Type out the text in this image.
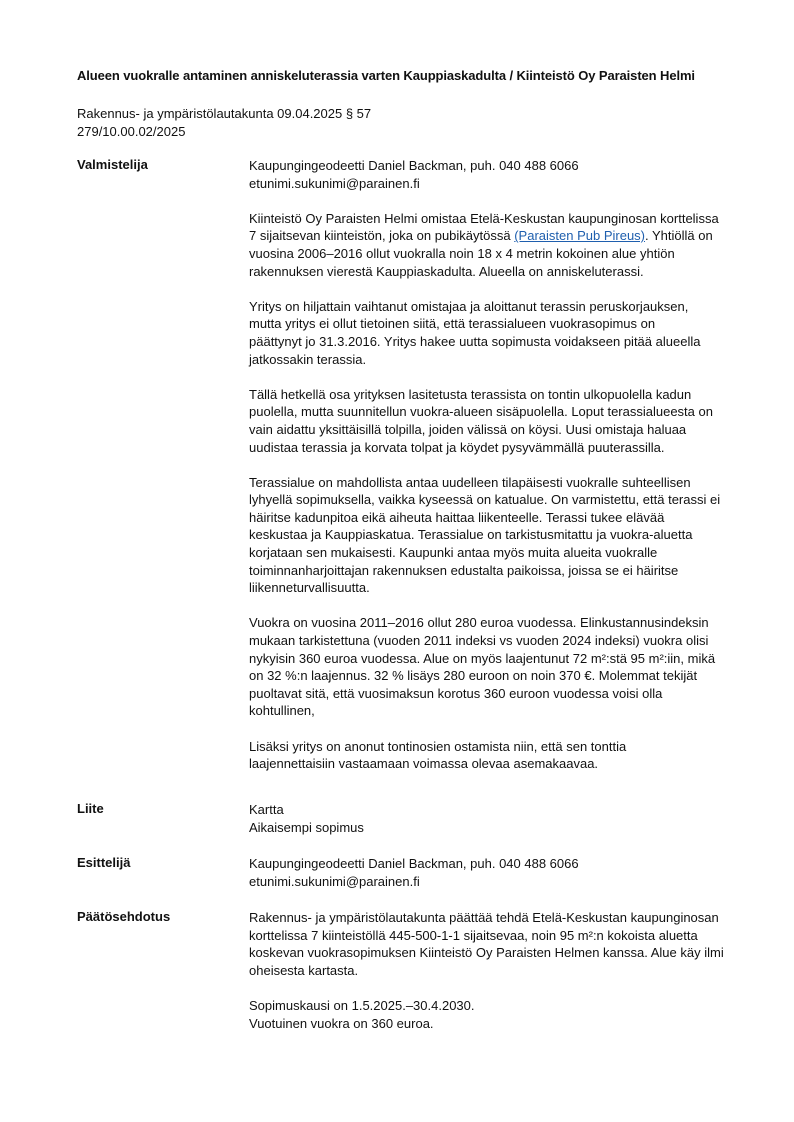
Alueen vuokralle antaminen anniskeluterassia varten Kauppiaskadulta / Kiinteistö Oy Paraisten Helmi
Rakennus- ja ympäristölautakunta 09.04.2025 § 57
279/10.00.02/2025
Valmistelija	Kaupungingeodeetti Daniel Backman, puh. 040 488 6066
etunimi.sukunimi@parainen.fi

Kiinteistö Oy Paraisten Helmi omistaa Etelä-Keskustan kaupunginosan korttelissa
7 sijaitsevan kiinteistön, joka on pubikäytössä (Paraisten Pub Pireus). Yhtiöllä on
vuosina 2006–2016 ollut vuokralla noin 18 x 4 metrin kokoinen alue yhtiön
rakennuksen vierestä Kauppiaskadulta. Alueella on anniskeluterassi.

Yritys on hiljattain vaihtanut omistajaa ja aloittanut terassin peruskorjauksen,
mutta yritys ei ollut tietoinen siitä, että terassialueen vuokrasopimus on
päättynyt jo 31.3.2016. Yritys hakee uutta sopimusta voidakseen pitää alueella
jatkossakin terassia.

Tällä hetkellä osa yrityksen lasitetusta terassista on tontin ulkopuolella kadun
puolella, mutta suunnitellun vuokra-alueen sisäpuolella. Loput terassialueesta on
vain aidattu yksittäisillä tolpilla, joiden välissä on köysi. Uusi omistaja haluaa
uudistaa terassia ja korvata tolpat ja köydet pysyvämmällä puuterassilla.

Terassialue on mahdollista antaa uudelleen tilapäisesti vuokralle suhteellisen
lyhyellä sopimuksella, vaikka kyseessä on katualue. On varmistettu, että terassi ei
häiritse kadunpitoa eikä aiheuta haittaa liikenteelle. Terassi tukee elävää
keskustaa ja Kauppiaskatua. Terassialue on tarkistusmitattu ja vuokra-aluetta
korjataan sen mukaisesti. Kaupunki antaa myös muita alueita vuokralle
toiminnanharjoittajan rakennuksen edustalta paikoissa, joissa se ei häiritse
liikenneturvallisuutta.

Vuokra on vuosina 2011–2016 ollut 280 euroa vuodessa. Elinkustannusindeksin
mukaan tarkistettuna (vuoden 2011 indeksi vs vuoden 2024 indeksi) vuokra olisi
nykyisin 360 euroa vuodessa. Alue on myös laajentunut 72 m²:stä 95 m²:iin, mikä
on 32 %:n laajennus. 32 % lisäys 280 euroon on noin 370 €. Molemmat tekijät
puoltavat sitä, että vuosimaksun korotus 360 euroon vuodessa voisi olla
kohtullinen,

Lisäksi yritys on anonut tontinosien ostamista niin, että sen tonttia
laajennettaisiin vastaamaan voimassa olevaa asemakaavaa.

Liite	Kartta
Aikaisempi sopimus
Esittelijä	Kaupungingeodeetti Daniel Backman, puh. 040 488 6066
etunimi.sukunimi@parainen.fi
Päätösehdotus	Rakennus- ja ympäristölautakunta päättää tehdä Etelä-Keskustan kaupunginosan
korttelissa 7 kiinteistöllä 445-500-1-1 sijaitsevaa, noin 95 m²:n kokoista aluetta
koskevan vuokrasopimuksen Kiinteistö Oy Paraisten Helmen kanssa. Alue käy ilmi
oheisesta kartasta.

Sopimuskausi on 1.5.2025.–30.4.2030.
Vuotuinen vuokra on 360 euroa.
